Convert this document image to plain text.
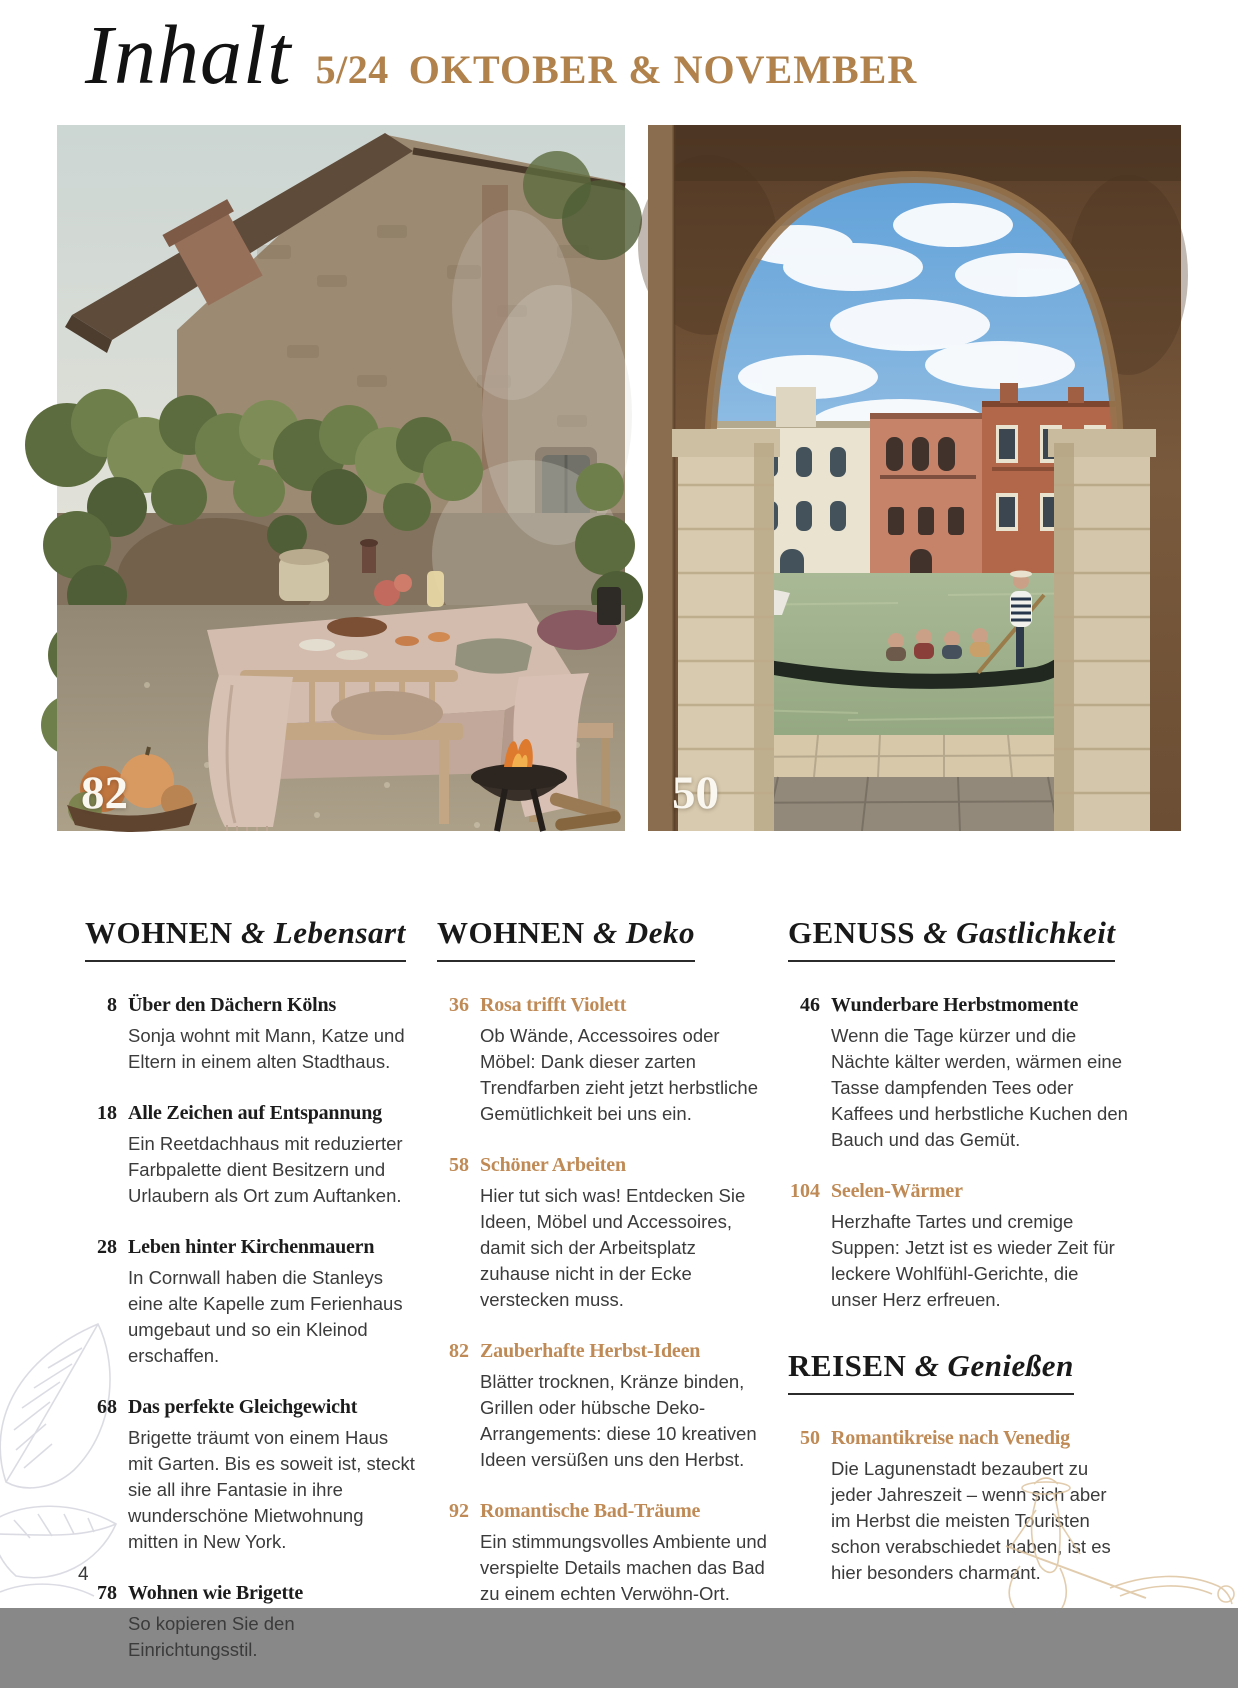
Inhalt 5/24 OKTOBER & NOVEMBER
82	50
WOHNEN & Lebensart
8 Über den Dächern Kölns
Sonja wohnt mit Mann, Katze und Eltern in einem alten Stadthaus.
18 Alle Zeichen auf Entspannung
Ein Reetdachhaus mit reduzierter Farbpalette dient Besitzern und Urlaubern als Ort zum Auftanken.
28 Leben hinter Kirchenmauern
In Cornwall haben die Stanleys eine alte Kapelle zum Ferienhaus umgebaut und so ein Kleinod erschaffen.
68 Das perfekte Gleichgewicht
Brigette träumt von einem Haus mit Garten. Bis es soweit ist, steckt sie all ihre Fantasie in ihre wunderschöne Mietwohnung mitten in New York.
78 Wohnen wie Brigette
So kopieren Sie den Einrichtungsstil.
WOHNEN & Deko
36 Rosa trifft Violett
Ob Wände, Accessoires oder Möbel: Dank dieser zarten Trendfarben zieht jetzt herbstliche Gemütlichkeit bei uns ein.
58 Schöner Arbeiten
Hier tut sich was! Entdecken Sie Ideen, Möbel und Accessoires, damit sich der Arbeitsplatz zuhause nicht in der Ecke verstecken muss.
82 Zauberhafte Herbst-Ideen
Blätter trocknen, Kränze binden, Grillen oder hübsche Deko-Arrangements: diese 10 kreativen Ideen versüßen uns den Herbst.
92 Romantische Bad-Träume
Ein stimmungsvolles Ambiente und verspielte Details machen das Bad zu einem echten Verwöhn-Ort.
GENUSS & Gastlichkeit
46 Wunderbare Herbstmomente
Wenn die Tage kürzer und die Nächte kälter werden, wärmen eine Tasse dampfenden Tees oder Kaffees und herbstliche Kuchen den Bauch und das Gemüt.
104 Seelen-Wärmer
Herzhafte Tartes und cremige Suppen: Jetzt ist es wieder Zeit für leckere Wohlfühl-Gerichte, die unser Herz erfreuen.
REISEN & Genießen
50 Romantikreise nach Venedig
Die Lagunenstadt bezaubert zu jeder Jahreszeit – wenn sich aber im Herbst die meisten Touristen schon verabschiedet haben, ist es hier besonders charmant.
4
